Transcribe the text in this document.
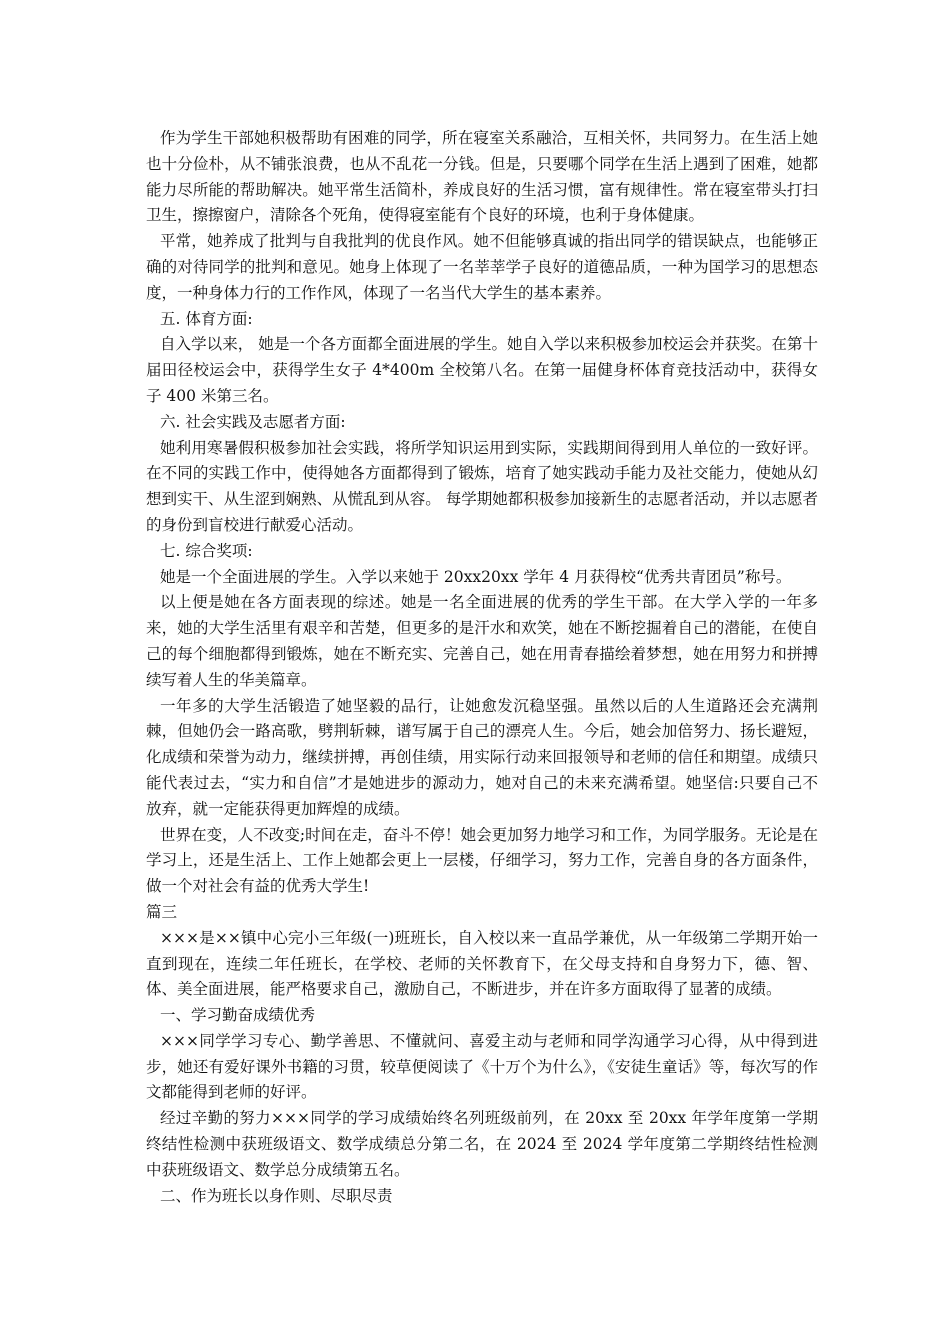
作为学生干部她积极帮助有困难的同学，所在寝室关系融洽，互相关怀，共同努力。在生活上她也十分俭朴，从不铺张浪费，也从不乱花一分钱。但是，只要哪个同学在生活上遇到了困难，她都能力尽所能的帮助解决。她平常生活简朴，养成良好的生活习惯，富有规律性。常在寝室带头打扫卫生，擦擦窗户，清除各个死角，使得寝室能有个良好的环境，也利于身体健康。

平常，她养成了批判与自我批判的优良作风。她不但能够真诚的指出同学的错误缺点，也能够正确的对待同学的批判和意见。她身上体现了一名莘莘学子良好的道德品质，一种为国学习的思想态度，一种身体力行的工作作风，体现了一名当代大学生的基本素养。

五. 体育方面:

自入学以来， 她是一个各方面都全面进展的学生。她自入学以来积极参加校运会并获奖。在第十届田径校运会中，获得学生女子 4*400m 全校第八名。在第一届健身杯体育竞技活动中，获得女子 400 米第三名。

六. 社会实践及志愿者方面:

她利用寒暑假积极参加社会实践，将所学知识运用到实际，实践期间得到用人单位的一致好评。在不同的实践工作中，使得她各方面都得到了锻炼，培育了她实践动手能力及社交能力，使她从幻想到实干、从生涩到娴熟、从慌乱到从容。 每学期她都积极参加接新生的志愿者活动，并以志愿者的身份到盲校进行献爱心活动。

七. 综合奖项:

她是一个全面进展的学生。入学以来她于 20xx20xx 学年 4 月获得校“优秀共青团员”称号。

以上便是她在各方面表现的综述。她是一名全面进展的优秀的学生干部。在大学入学的一年多来，她的大学生活里有艰辛和苦楚，但更多的是汗水和欢笑，她在不断挖掘着自己的潜能，在使自己的每个细胞都得到锻炼，她在不断充实、完善自己，她在用青春描绘着梦想，她在用努力和拼搏续写着人生的华美篇章。

一年多的大学生活锻造了她坚毅的品行，让她愈发沉稳坚强。虽然以后的人生道路还会充满荆棘，但她仍会一路高歌，劈荆斩棘，谱写属于自己的漂亮人生。今后，她会加倍努力、扬长避短，化成绩和荣誉为动力，继续拼搏，再创佳绩，用实际行动来回报领导和老师的信任和期望。成绩只能代表过去，“实力和自信”才是她进步的源动力，她对自己的未来充满希望。她坚信:只要自己不放弃，就一定能获得更加辉煌的成绩。

世界在变，人不改变;时间在走，奋斗不停！她会更加努力地学习和工作，为同学服务。无论是在学习上，还是生活上、工作上她都会更上一层楼，仔细学习，努力工作，完善自身的各方面条件，做一个对社会有益的优秀大学生!

篇三

×××是××镇中心完小三年级(一)班班长，自入校以来一直品学兼优，从一年级第二学期开始一直到现在，连续二年任班长，在学校、老师的关怀教育下，在父母支持和自身努力下，德、智、体、美全面进展，能严格要求自己，激励自己，不断进步，并在许多方面取得了显著的成绩。

一、学习勤奋成绩优秀

×××同学学习专心、勤学善思、不懂就问、喜爱主动与老师和同学沟通学习心得，从中得到进步，她还有爱好课外书籍的习贯，较草便阅读了《十万个为什么》，《安徒生童话》等，每次写的作文都能得到老师的好评。

经过辛勤的努力×××同学的学习成绩始终名列班级前列，在 20xx 至 20xx 年学年度第一学期终结性检测中获班级语文、数学成绩总分第二名，在 2024 至 2024 学年度第二学期终结性检测中获班级语文、数学总分成绩第五名。

二、作为班长以身作则、尽职尽责
